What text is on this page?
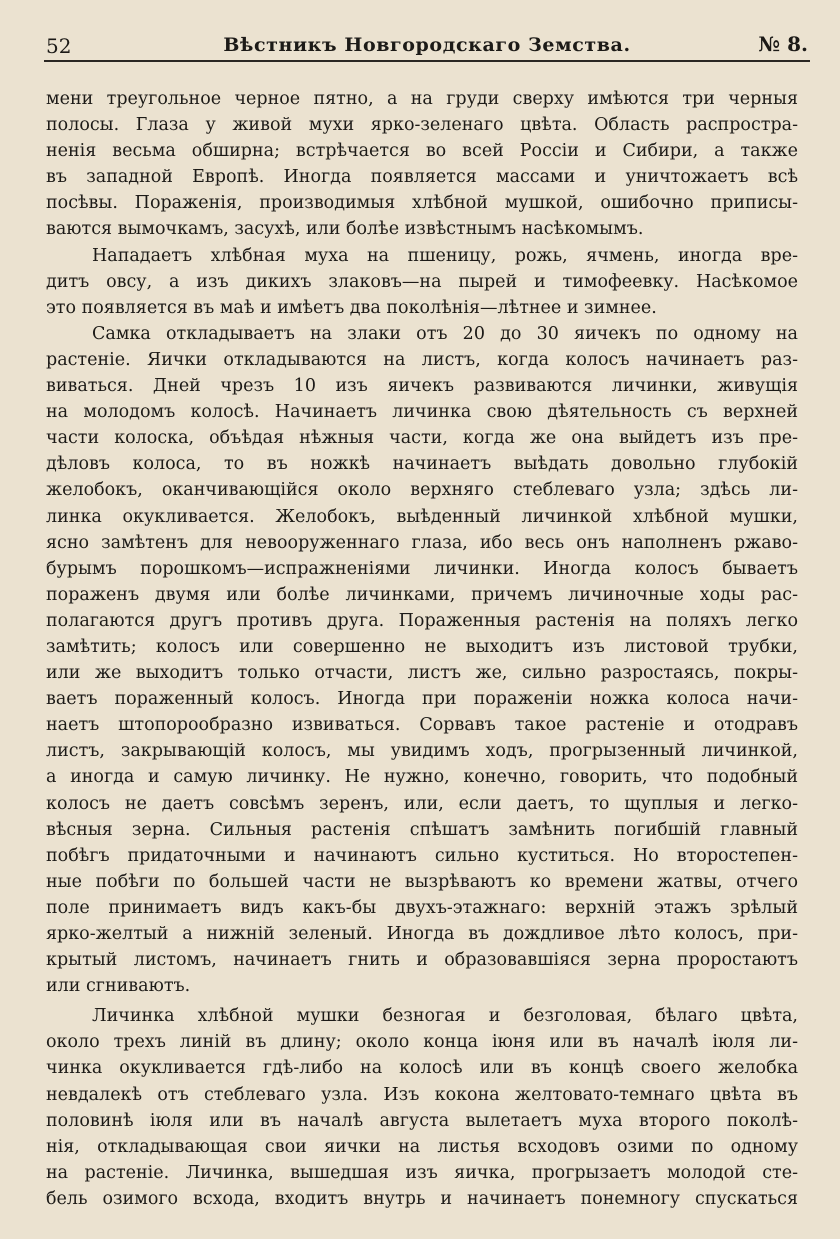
52	Вѣстникъ Новгородскаго Земства.	№ 8.
мени треугольное черное пятно, а на груди сверху имѣются три черныя
полосы. Глаза у живой мухи ярко-зеленаго цвѣта. Область распростра-
ненія весьма обширна; встрѣчается во всей Россіи и Сибири, а также
въ западной Европѣ. Иногда появляется массами и уничтожаетъ всѣ
посѣвы. Пораженія, производимыя хлѣбной мушкой, ошибочно приписы-
ваются вымочкамъ, засухѣ, или болѣе извѣстнымъ насѣкомымъ.
Нападаетъ хлѣбная муха на пшеницу, рожь, ячмень, иногда вре-
дитъ овсу, а изъ дикихъ злаковъ—на пырей и тимофеевку. Насѣкомое
это появляется въ маѣ и имѣетъ два поколѣнія—лѣтнее и зимнее.
Самка откладываетъ на злаки отъ 20 до 30 яичекъ по одному на
растеніе. Яички откладываются на листъ, когда колосъ начинаетъ раз-
виваться. Дней чрезъ 10 изъ яичекъ развиваются личинки, живущія
на молодомъ колосѣ. Начинаетъ личинка свою дѣятельность съ верхней
части колоска, объѣдая нѣжныя части, когда же она выйдетъ изъ пре-
дѣловъ колоса, то въ ножкѣ начинаетъ выѣдать довольно глубокій
желобокъ, оканчивающійся около верхняго стеблеваго узла; здѣсь ли-
линка окукливается. Желобокъ, выѣденный личинкой хлѣбной мушки,
ясно замѣтенъ для невооруженнаго глаза, ибо весь онъ наполненъ ржаво-
бурымъ порошкомъ—испражненіями личинки. Иногда колосъ бываетъ
пораженъ двумя или болѣе личинками, причемъ личиночные ходы рас-
полагаются другъ противъ друга. Пораженныя растенія на поляхъ легко
замѣтить; колосъ или совершенно не выходитъ изъ листовой трубки,
или же выходитъ только отчасти, листъ же, сильно разростаясь, покры-
ваетъ пораженный колосъ. Иногда при пораженіи ножка колоса начи-
наетъ штопорообразно извиваться. Сорвавъ такое растеніе и отодравъ
листъ, закрывающій колосъ, мы увидимъ ходъ, прогрызенный личинкой,
а иногда и самую личинку. Не нужно, конечно, говорить, что подобный
колосъ не даетъ совсѣмъ зеренъ, или, если даетъ, то щуплыя и легко-
вѣсныя зерна. Сильныя растенія спѣшатъ замѣнить погибшій главный
побѣгъ придаточными и начинаютъ сильно куститься. Но второстепен-
ные побѣги по большей части не вызрѣваютъ ко времени жатвы, отчего
поле принимаетъ видъ какъ-бы двухъ-этажнаго: верхній этажъ зрѣлый
ярко-желтый а нижній зеленый. Иногда въ дождливое лѣто колосъ, при-
крытый листомъ, начинаетъ гнить и образовавшіяся зерна проростаютъ
или сгниваютъ.
Личинка хлѣбной мушки безногая и безголовая, бѣлаго цвѣта,
около трехъ линій въ длину; около конца іюня или въ началѣ іюля ли-
чинка окукливается гдѣ-либо на колосѣ или въ концѣ своего желобка
невдалекѣ отъ стеблеваго узла. Изъ кокона желтовато-темнаго цвѣта въ
половинѣ іюля или въ началѣ августа вылетаетъ муха второго поколѣ-
нія, откладывающая свои яички на листья всходовъ озими по одному
на растеніе. Личинка, вышедшая изъ яичка, прогрызаетъ молодой сте-
бель озимого всхода, входитъ внутрь и начинаетъ понемногу спускаться
